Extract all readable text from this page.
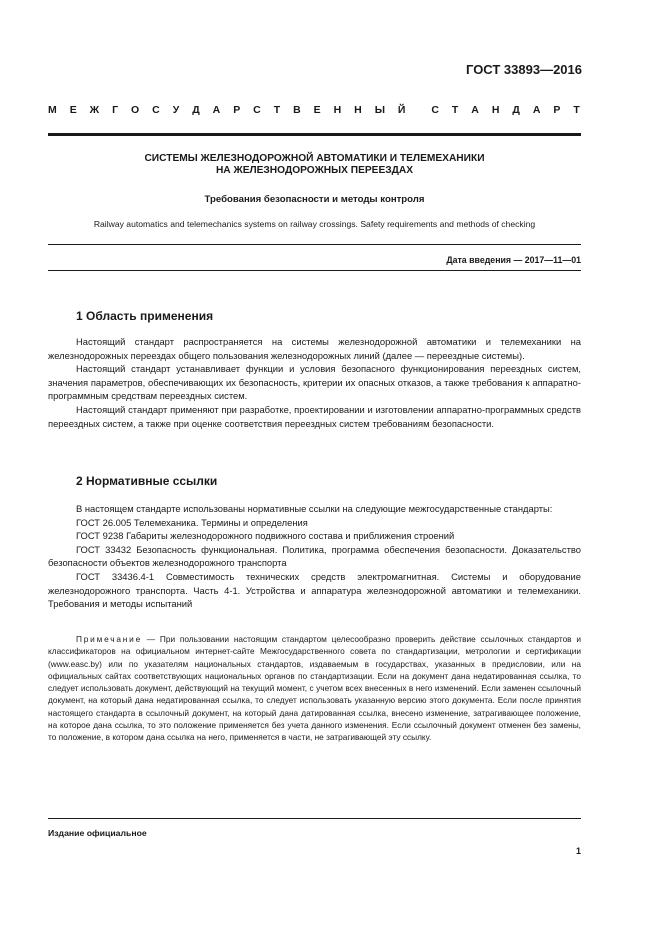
ГОСТ 33893—2016
М Е Ж Г О С У Д А Р С Т В Е Н Н Ы Й С Т А Н Д А Р Т
СИСТЕМЫ ЖЕЛЕЗНОДОРОЖНОЙ АВТОМАТИКИ И ТЕЛЕМЕХАНИКИ
НА ЖЕЛЕЗНОДОРОЖНЫХ ПЕРЕЕЗДАХ
Требования безопасности и методы контроля
Railway automatics and telemechanics systems on railway crossings. Safety requirements and methods of checking
Дата введения — 2017—11—01
1 Область применения

Настоящий стандарт распространяется на системы железнодорожной автоматики и телемеханики на железнодорожных переездах общего пользования железнодорожных линий (далее — переездные системы).

Настоящий стандарт устанавливает функции и условия безопасного функционирования переездных систем, значения параметров, обеспечивающих их безопасность, критерии их опасных отказов, а также требования к аппаратно-программным средствам переездных систем.

Настоящий стандарт применяют при разработке, проектировании и изготовлении аппаратно-программных средств переездных систем, а также при оценке соответствия переездных систем требованиям безопасности.

2 Нормативные ссылки

В настоящем стандарте использованы нормативные ссылки на следующие межгосударственные стандарты:

ГОСТ 26.005 Телемеханика. Термины и определения

ГОСТ 9238 Габариты железнодорожного подвижного состава и приближения строений

ГОСТ 33432 Безопасность функциональная. Политика, программа обеспечения безопасности. Доказательство безопасности объектов железнодорожного транспорта

ГОСТ 33436.4-1 Совместимость технических средств электромагнитная. Системы и оборудование железнодорожного транспорта. Часть 4-1. Устройства и аппаратура железнодорожной автоматики и телемеханики. Требования и методы испытаний

Примечание — При пользовании настоящим стандартом целесообразно проверить действие ссылочных стандартов и классификаторов на официальном интернет-сайте Межгосударственного совета по стандартизации, метрологии и сертификации (www.easc.by) или по указателям национальных стандартов, издаваемым в государствах, указанных в предисловии, или на официальных сайтах соответствующих национальных органов по стандартизации. Если на документ дана недатированная ссылка, то следует использовать документ, действующий на текущий момент, с учетом всех внесенных в него изменений. Если заменен ссылочный документ, на который дана недатированная ссылка, то следует использовать указанную версию этого документа. Если после принятия настоящего стандарта в ссылочный документ, на который дана датированная ссылка, внесено изменение, затрагивающее положение, на которое дана ссылка, то это положение применяется без учета данного изменения. Если ссылочный документ отменен без замены, то положение, в котором дана ссылка на него, применяется в части, не затрагивающей эту ссылку.

Издание официальное
1
